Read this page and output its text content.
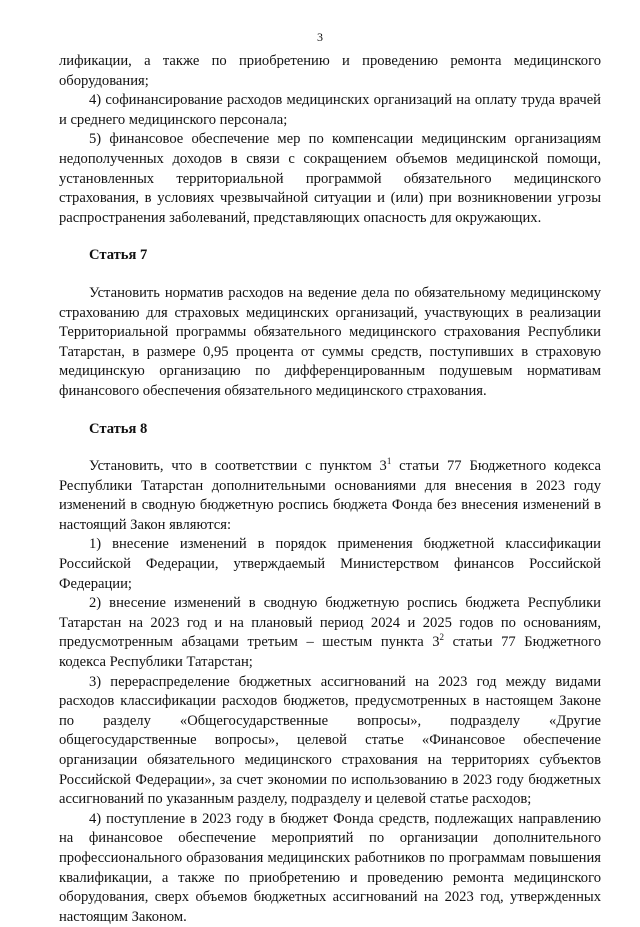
3

лификации, а также по приобретению и проведению ремонта медицинского оборудования;

4) софинансирование расходов медицинских организаций на оплату труда врачей и среднего медицинского персонала;

5) финансовое обеспечение мер по компенсации медицинским организациям недополученных доходов в связи с сокращением объемов медицинской помощи, установленных территориальной программой обязательного медицинского страхования, в условиях чрезвычайной ситуации и (или) при возникновении угрозы распространения заболеваний, представляющих опасность для окружающих.

Статья 7

Установить норматив расходов на ведение дела по обязательному медицинскому страхованию для страховых медицинских организаций, участвующих в реализации Территориальной программы обязательного медицинского страхования Республики Татарстан, в размере 0,95 процента от суммы средств, поступивших в страховую медицинскую организацию по дифференцированным подушевым нормативам финансового обеспечения обязательного медицинского страхования.

Статья 8

Установить, что в соответствии с пунктом $3^1$ статьи 77 Бюджетного кодекса Республики Татарстан дополнительными основаниями для внесения в 2023 году изменений в сводную бюджетную роспись бюджета Фонда без внесения изменений в настоящий Закон являются:

1) внесение изменений в порядок применения бюджетной классификации Российской Федерации, утверждаемый Министерством финансов Российской Федерации;

2) внесение изменений в сводную бюджетную роспись бюджета Республики Татарстан на 2023 год и на плановый период 2024 и 2025 годов по основаниям, предусмотренным абзацами третьим – шестым пункта $3^2$ статьи 77 Бюджетного кодекса Республики Татарстан;

3) перераспределение бюджетных ассигнований на 2023 год между видами расходов классификации расходов бюджетов, предусмотренных в настоящем Законе по разделу «Общегосударственные вопросы», подразделу «Другие общегосударственные вопросы», целевой статье «Финансовое обеспечение организации обязательного медицинского страхования на территориях субъектов Российской Федерации», за счет экономии по использованию в 2023 году бюджетных ассигнований по указанным разделу, подразделу и целевой статье расходов;

4) поступление в 2023 году в бюджет Фонда средств, подлежащих направлению на финансовое обеспечение мероприятий по организации дополнительного профессионального образования медицинских работников по программам повышения квалификации, а также по приобретению и проведению ремонта медицинского оборудования, сверх объемов бюджетных ассигнований на 2023 год, утвержденных настоящим Законом.
